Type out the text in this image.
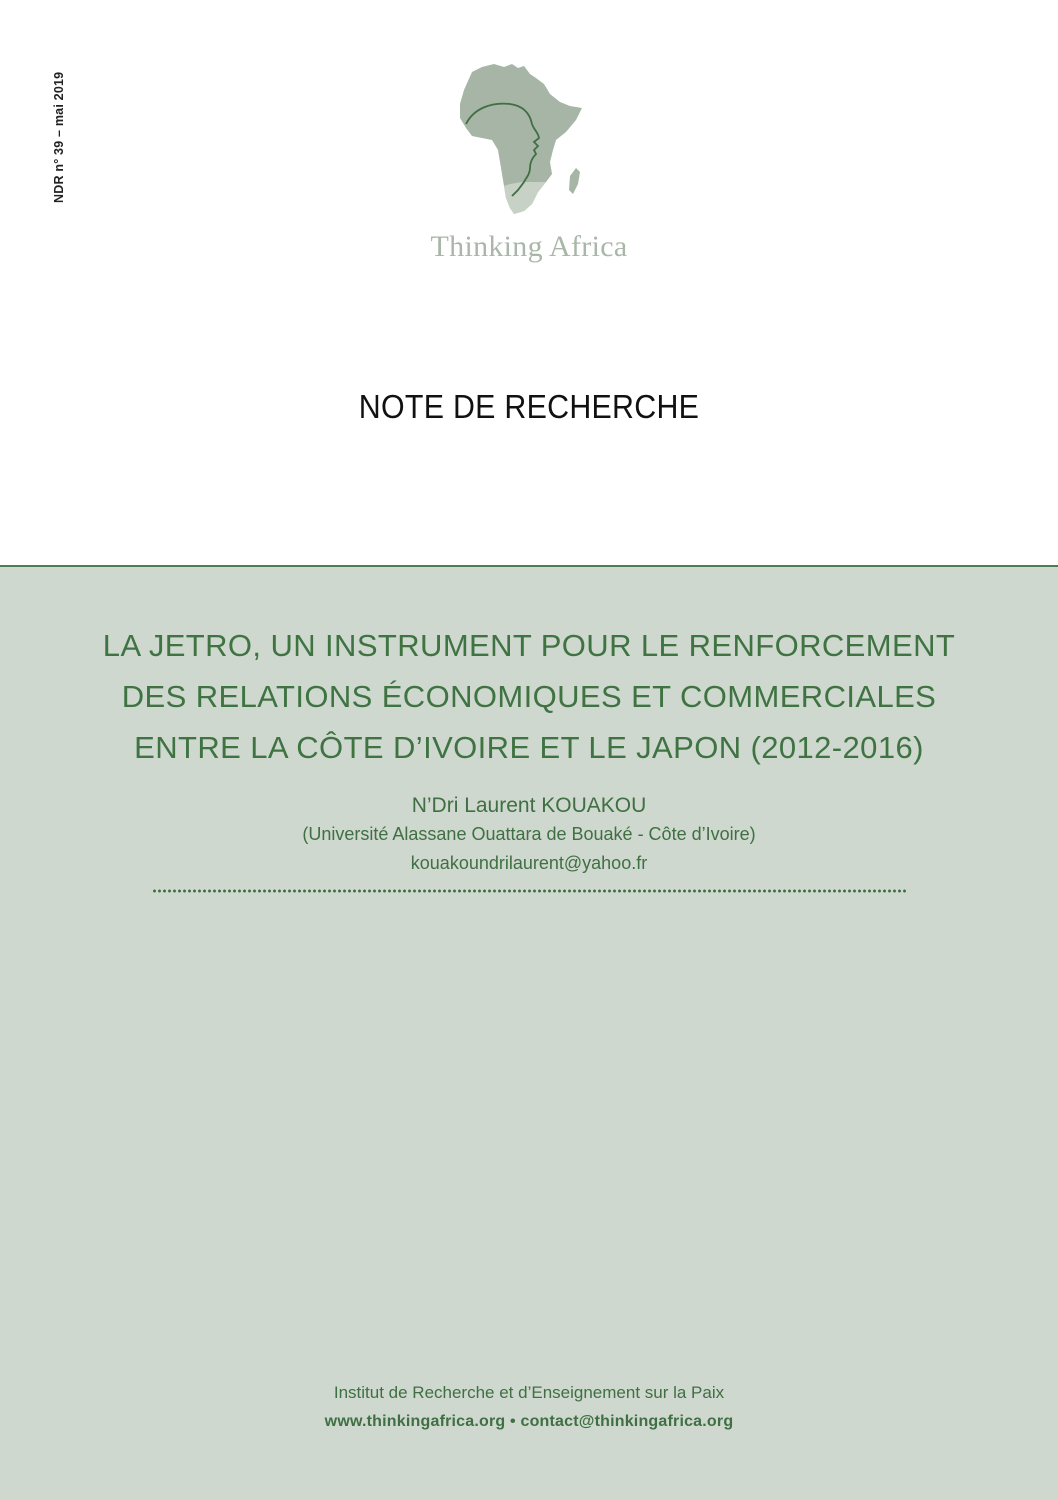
NDR n° 39 – mai 2019
Thinking Africa
NOTE DE RECHERCHE
LA JETRO, UN INSTRUMENT POUR LE RENFORCEMENT
DES RELATIONS ÉCONOMIQUES ET COMMERCIALES
ENTRE LA CÔTE D’IVOIRE ET LE JAPON (2012-2016)
N’Dri Laurent KOUAKOU
(Université Alassane Ouattara de Bouaké - Côte d’Ivoire)
kouakoundrilaurent@yahoo.fr
Institut de Recherche et d’Enseignement sur la Paix
www.thinkingafrica.org • contact@thinkingafrica.org
